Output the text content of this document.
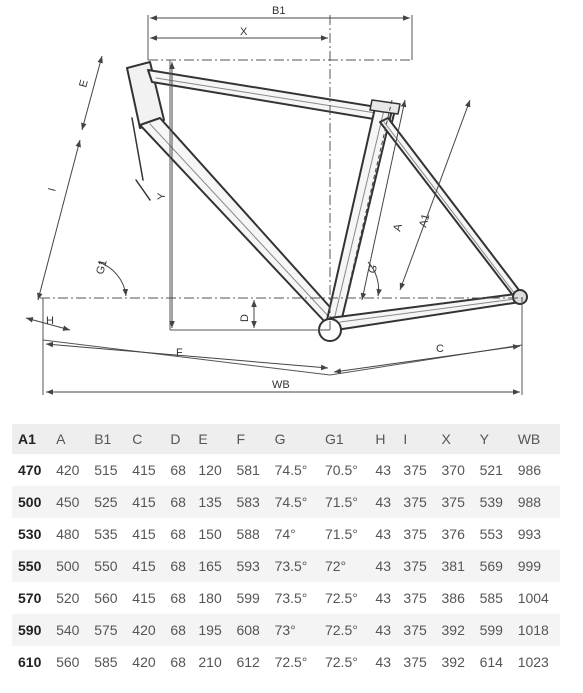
B1
X
E
I
Y
G1	G
A A1
H	D
F	C
WB
A1	A	B1	C	D	E	F	G	G1	H	I	X	Y	WB
470	420	515	415	68	120	581	74.5°	70.5°	43	375	370	521	986
500	450	525	415	68	135	583	74.5°	71.5°	43	375	375	539	988
530	480	535	415	68	150	588	74°	71.5°	43	375	376	553	993
550	500	550	415	68	165	593	73.5°	72°	43	375	381	569	999
570	520	560	415	68	180	599	73.5°	72.5°	43	375	386	585	1004
590	540	575	420	68	195	608	73°	72.5°	43	375	392	599	1018
610	560	585	420	68	210	612	72.5°	72.5°	43	375	392	614	1023
